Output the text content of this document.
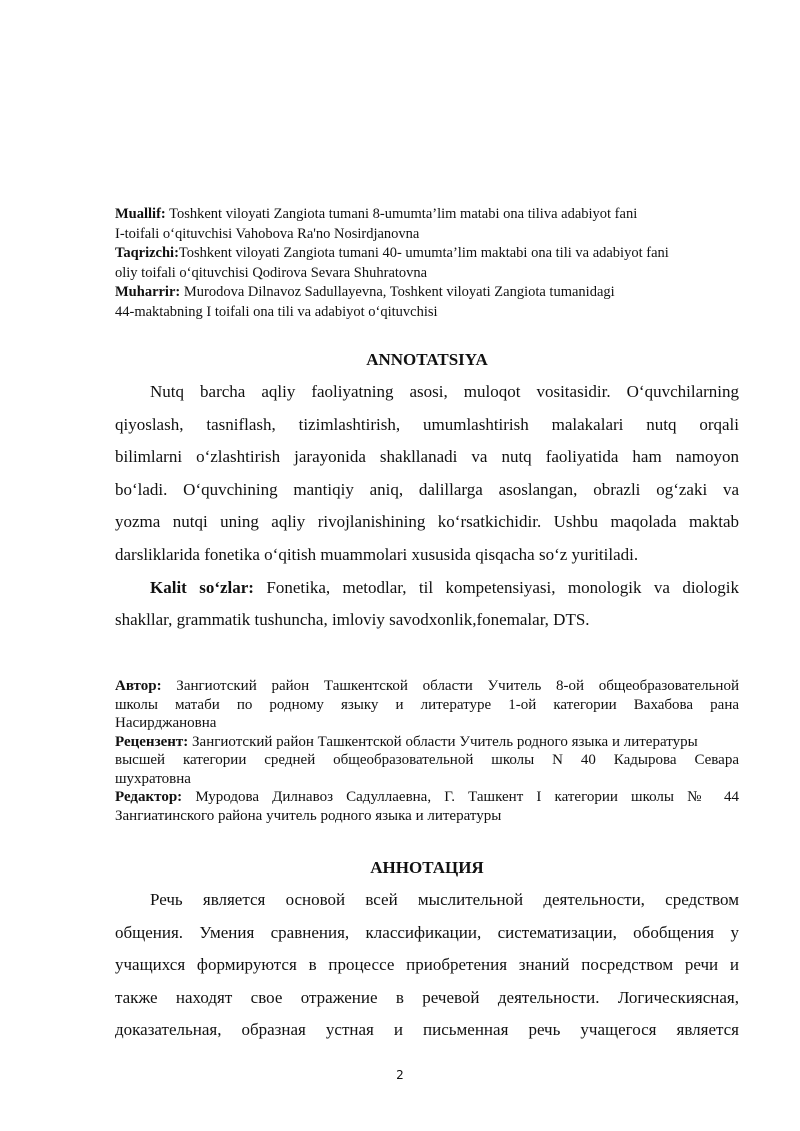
Muallif: Toshkent viloyati Zangiota tumani 8-umumta’lim matabi ona tiliva adabiyot fani
I-toifali o‘qituvchisi Vahobova Ra'no Nosirdjanovna
Taqrizchi:Toshkent viloyati Zangiota tumani 40- umumta’lim maktabi ona tili va adabiyot fani
oliy toifali o‘qituvchisi Qodirova Sevara Shuhratovna
Muharrir: Murodova Dilnavoz Sadullayevna, Toshkent viloyati Zangiota tumanidagi
44-maktabning I toifali ona tili va adabiyot o‘qituvchisi
ANNOTATSIYA
Nutq barcha aqliy faoliyatning asosi, muloqot vositasidir. O‘quvchilarning
qiyoslash, tasniflash, tizimlashtirish, umumlashtirish malakalari nutq orqali
bilimlarni o‘zlashtirish jarayonida shakllanadi va nutq faoliyatida ham namoyon
bo‘ladi. O‘quvchining mantiqiy aniq, dalillarga asoslangan, obrazli og‘zaki va
yozma nutqi uning aqliy rivojlanishining ko‘rsatkichidir. Ushbu maqolada maktab
darsliklarida fonetika o‘qitish muammolari xususida qisqacha so‘z yuritiladi.
Kalit so‘zlar: Fonetika, metodlar, til kompetensiyasi, monologik va diologik
shakllar, grammatik tushuncha, imloviy savodxonlik,fonemalar, DTS.
Автор: Зангиотский район Ташкентской области Учитель 8-ой общеобразовательной
школы матаби по родному языку и литературе 1-ой категории Вахабова рана
Насирджановна
Рецензент: Зангиотский район Ташкентской области Учитель родного языка и литературы
высшей категории средней общеобразовательной школы N 40 Кадырова Севара
шухратовна
Редактор: Муродова Дилнавоз Садуллаевна, Г. Ташкент I категории школы № 44
Зангиатинского района учитель родного языка и литературы
АННОТАЦИЯ
Речь является основой всей мыслительной деятельности, средством
общения. Умения сравнения, классификации, систематизации, обобщения у
учащихся формируются в процессе приобретения знаний посредством речи и
также находят свое отражение в речевой деятельности. Логическиясная,
доказательная, образная устная и письменная речь учащегося является
2
